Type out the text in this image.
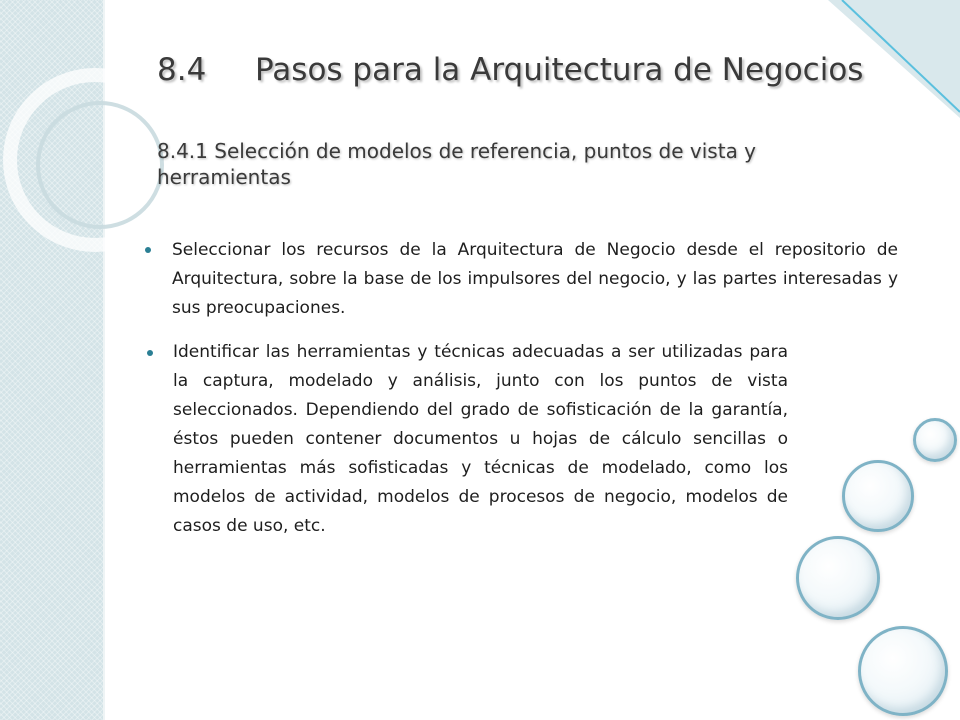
8.4 Pasos para la Arquitectura de Negocios
8.4.1 Selección de modelos de referencia, puntos de vista y herramientas

Seleccionar los recursos de la Arquitectura de Negocio desde el repositorio de Arquitectura, sobre la base de los impulsores del negocio, y las partes interesadas y sus preocupaciones.

Identificar las herramientas y técnicas adecuadas a ser utilizadas para la captura, modelado y análisis, junto con los puntos de vista seleccionados. Dependiendo del grado de sofisticación de la garantía, éstos pueden contener documentos u hojas de cálculo sencillas o herramientas más sofisticadas y técnicas de modelado, como los modelos de actividad, modelos de procesos de negocio, modelos de casos de uso, etc.
